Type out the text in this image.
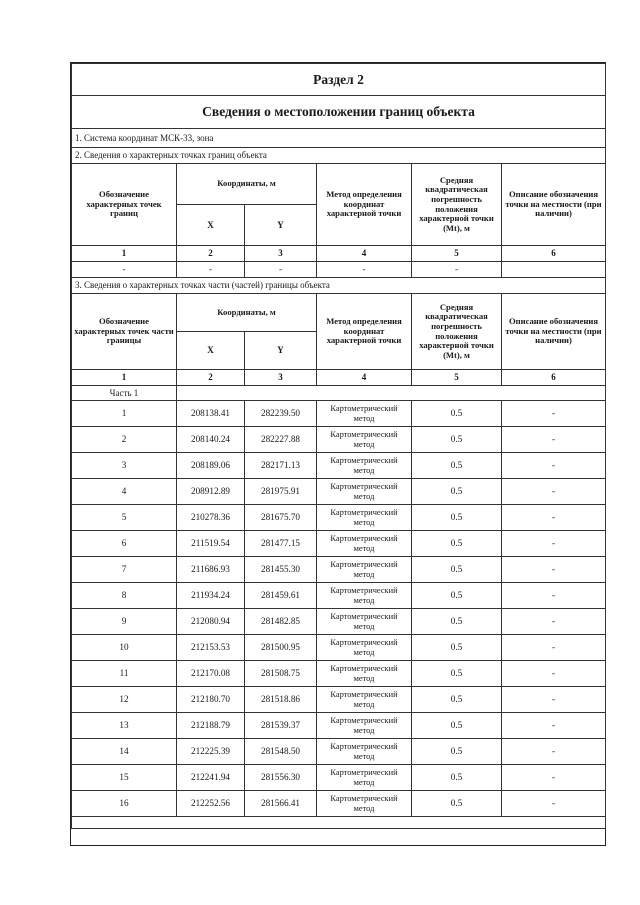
Раздел 2					
Сведения о местоположении границ объекта					
1. Система координат МСК-33, зона					
2. Сведения о характерных точках границ объекта					
Обозначение характерных точек границ	Координаты, м		Метод определения координат характерной точки	Средняя квадратическая погрешность положения характерной точки (Mt), м	Описание обозначения точки на местности (при наличии)
	X	Y			
1	2	3	4	5	6
-	-	-	-	-	
3. Сведения о характерных точках части (частей) границы объекта					
Обозначение характерных точек части границы	Координаты, м		Метод определения координат характерной точки	Средняя квадратическая погрешность положения характерной точки (Mt), м	Описание обозначения точки на местности (при наличии)
	X	Y			
1	2	3	4	5	6
Часть 1					
1	208138.41	282239.50	Картометрический метод	0.5	-
2	208140.24	282227.88	Картометрический метод	0.5	-
3	208189.06	282171.13	Картометрический метод	0.5	-
4	208912.89	281975.91	Картометрический метод	0.5	-
5	210278.36	281675.70	Картометрический метод	0.5	-
6	211519.54	281477.15	Картометрический метод	0.5	-
7	211686.93	281455.30	Картометрический метод	0.5	-
8	211934.24	281459.61	Картометрический метод	0.5	-
9	212080.94	281482.85	Картометрический метод	0.5	-
10	212153.53	281500.95	Картометрический метод	0.5	-
11	212170.08	281508.75	Картометрический метод	0.5	-
12	212180.70	281518.86	Картометрический метод	0.5	-
13	212188.79	281539.37	Картометрический метод	0.5	-
14	212225.39	281548.50	Картометрический метод	0.5	-
15	212241.94	281556.30	Картометрический метод	0.5	-
16	212252.56	281566.41	Картометрический метод	0.5	-
